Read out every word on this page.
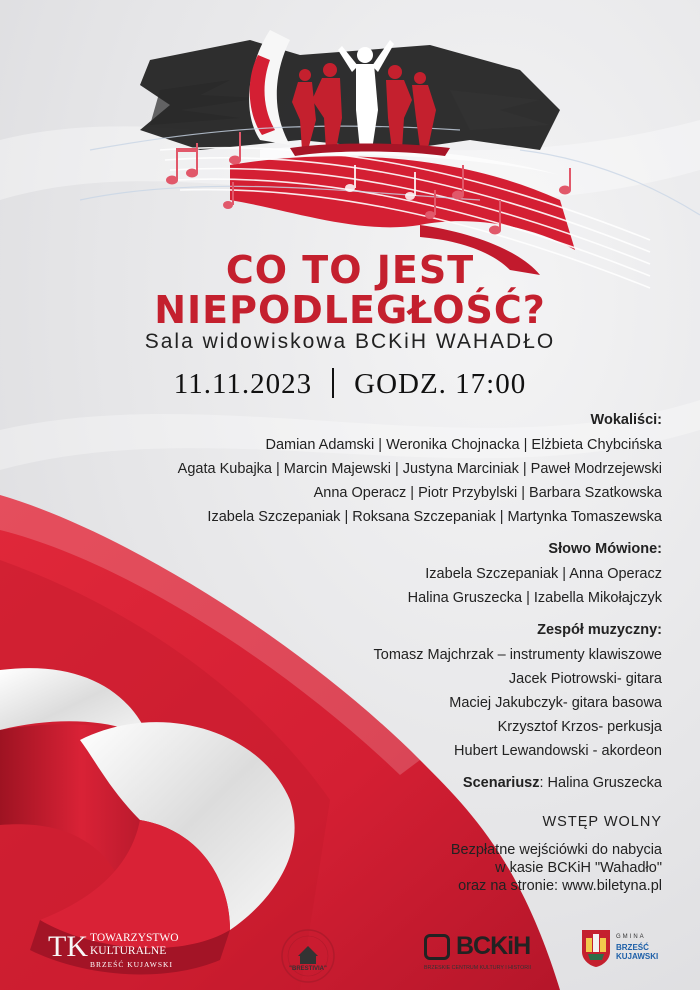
CO TO JEST
NIEPODLEGŁOŚĆ?
Sala widowiskowa BCKiH WAHADŁO
11.11.2023 GODZ. 17:00
Wokaliści:
Damian Adamski | Weronika Chojnacka | Elżbieta Chybcińska
Agata Kubajka | Marcin Majewski | Justyna Marciniak | Paweł Modrzejewski
Anna Operacz | Piotr Przybylski | Barbara Szatkowska
Izabela Szczepaniak | Roksana Szczepaniak | Martynka Tomaszewska
Słowo Mówione:
Izabela Szczepaniak | Anna Operacz
Halina Gruszecka | Izabella Mikołajczyk
Zespół muzyczny:
Tomasz Majchrzak – instrumenty klawiszowe
Jacek Piotrowski- gitara
Maciej Jakubczyk- gitara basowa
Krzysztof Krzos- perkusja
Hubert Lewandowski - akordeon
Scenariusz: Halina Gruszecka
WSTĘP WOLNY
Bezpłatne wejściówki do nabycia
w kasie BCKiH "Wahadło"
oraz na stronie: www.biletyna.pl
TK TOWARZYSTWO
KULTURALNE
BRZEŚĆ KUJAWSKI	"BRESTIVIA"
BCKiH
BRZESKIE CENTRUM KULTURY I HISTORII
GMINA
BRZEŚĆ
KUJAWSKI
